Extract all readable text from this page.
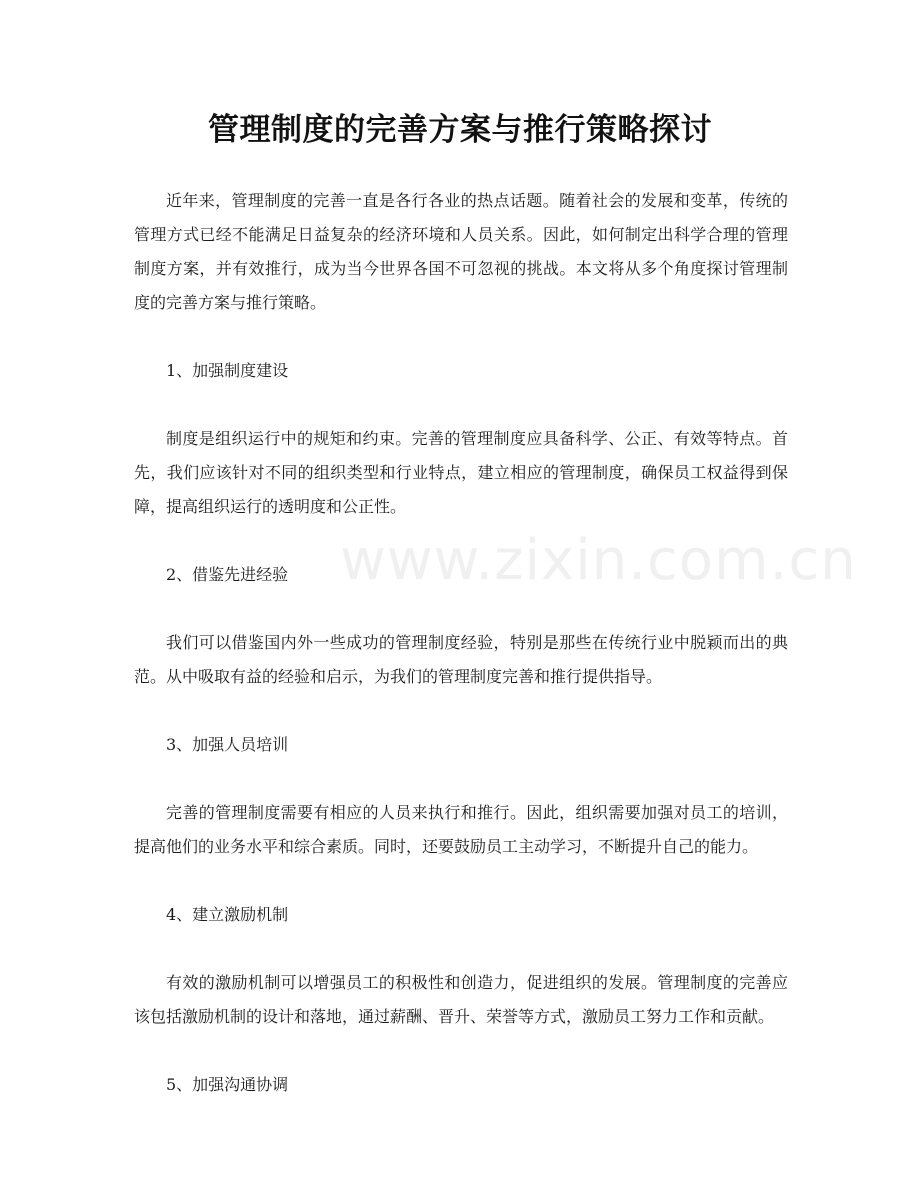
管理制度的完善方案与推行策略探讨

近年来，管理制度的完善一直是各行各业的热点话题。随着社会的发展和变革，传统的管理方式已经不能满足日益复杂的经济环境和人员关系。因此，如何制定出科学合理的管理制度方案，并有效推行，成为当今世界各国不可忽视的挑战。本文将从多个角度探讨管理制度的完善方案与推行策略。

1、加强制度建设

制度是组织运行中的规矩和约束。完善的管理制度应具备科学、公正、有效等特点。首先，我们应该针对不同的组织类型和行业特点，建立相应的管理制度，确保员工权益得到保障，提高组织运行的透明度和公正性。

2、借鉴先进经验

我们可以借鉴国内外一些成功的管理制度经验，特别是那些在传统行业中脱颖而出的典范。从中吸取有益的经验和启示，为我们的管理制度完善和推行提供指导。

3、加强人员培训

完善的管理制度需要有相应的人员来执行和推行。因此，组织需要加强对员工的培训，提高他们的业务水平和综合素质。同时，还要鼓励员工主动学习，不断提升自己的能力。

4、建立激励机制

有效的激励机制可以增强员工的积极性和创造力，促进组织的发展。管理制度的完善应该包括激励机制的设计和落地，通过薪酬、晋升、荣誉等方式，激励员工努力工作和贡献。

5、加强沟通协调

www.zixin.com.cn
